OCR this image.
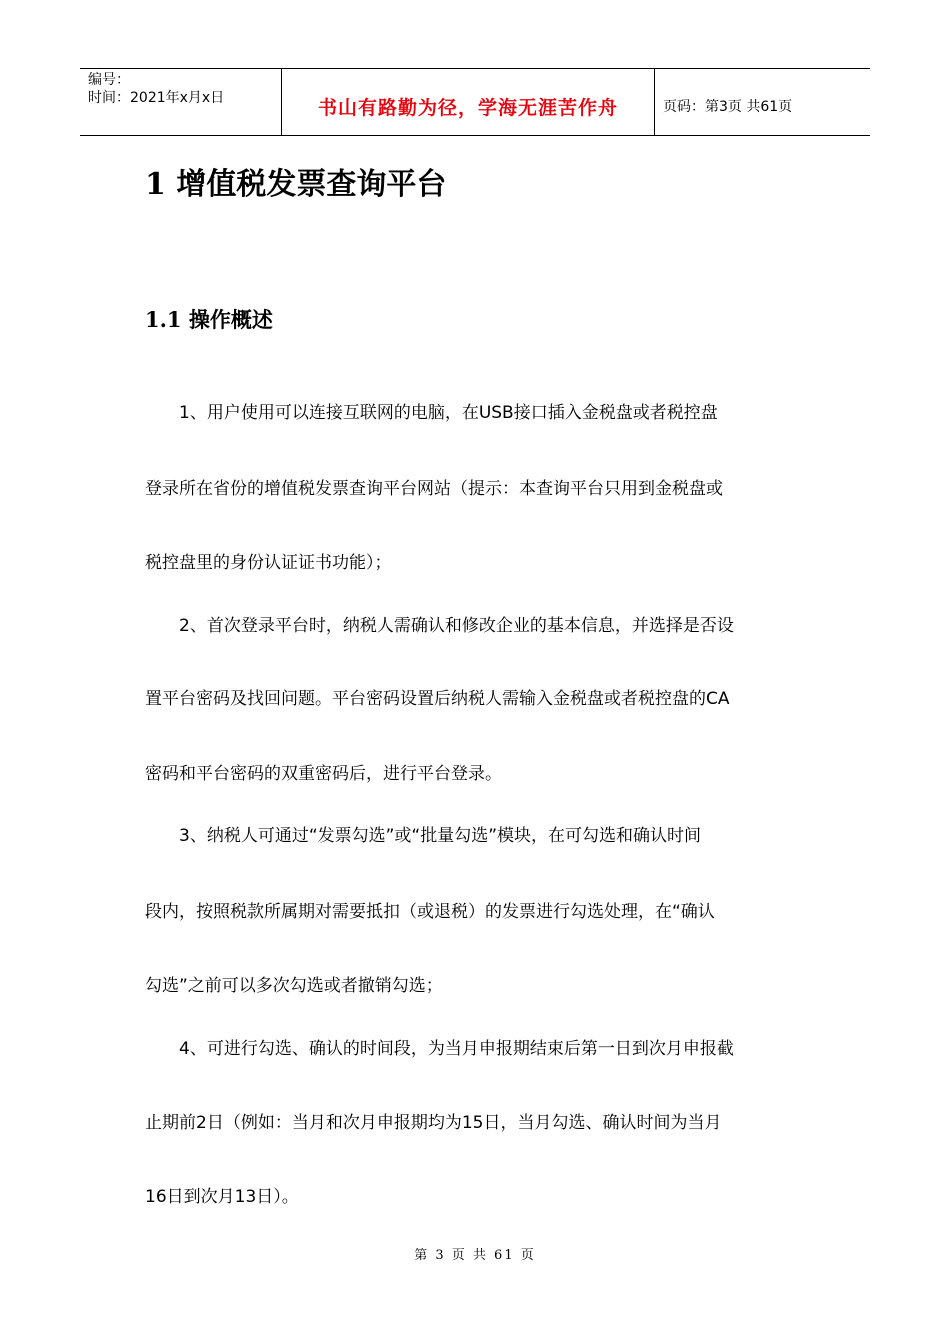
编号：
时间：2021年x月x日	书山有路勤为径，学海无涯苦作舟	页码：第3页 共61页
1 增值税发票查询平台
1.1 操作概述
　　1、用户使用可以连接互联网的电脑，在USB接口插入金税盘或者税控盘
登录所在省份的增值税发票查询平台网站（提示：本查询平台只用到金税盘或
税控盘里的身份认证证书功能）；
　　2、首次登录平台时，纳税人需确认和修改企业的基本信息，并选择是否设
置平台密码及找回问题。平台密码设置后纳税人需输入金税盘或者税控盘的CA
密码和平台密码的双重密码后，进行平台登录。
　　3、纳税人可通过“发票勾选”或“批量勾选”模块，在可勾选和确认时间
段内，按照税款所属期对需要抵扣（或退税）的发票进行勾选处理，在“确认
勾选”之前可以多次勾选或者撤销勾选；
　　4、可进行勾选、确认的时间段，为当月申报期结束后第一日到次月申报截
止期前2日（例如：当月和次月申报期均为15日，当月勾选、确认时间为当月
16日到次月13日）。
第 3 页 共 61 页
